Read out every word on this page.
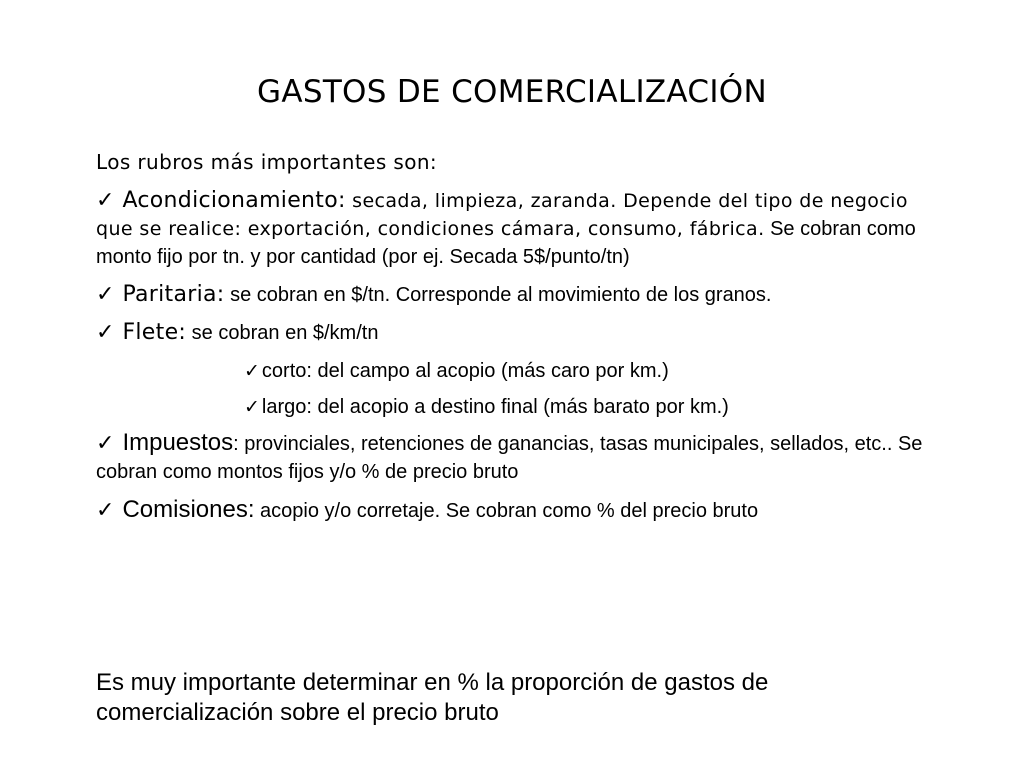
GASTOS DE COMERCIALIZACIÓN
Los rubros más importantes son:
✓ Acondicionamiento: secada, limpieza, zaranda. Depende del tipo de negocio que se realice: exportación, condiciones cámara, consumo, fábrica. Se cobran como monto fijo por tn. y por cantidad (por ej. Secada 5$/punto/tn)
✓ Paritaria: se cobran en $/tn. Corresponde al movimiento de los granos.
✓ Flete: se cobran en $/km/tn
✓ corto: del campo al acopio (más caro por km.)
✓ largo: del acopio a destino final (más barato por km.)
✓ Impuestos: provinciales, retenciones de ganancias, tasas municipales, sellados, etc.. Se cobran como montos fijos y/o % de precio bruto
✓ Comisiones: acopio y/o corretaje. Se cobran como % del precio bruto
Es muy importante determinar en % la proporción de gastos de comercialización sobre el precio bruto
